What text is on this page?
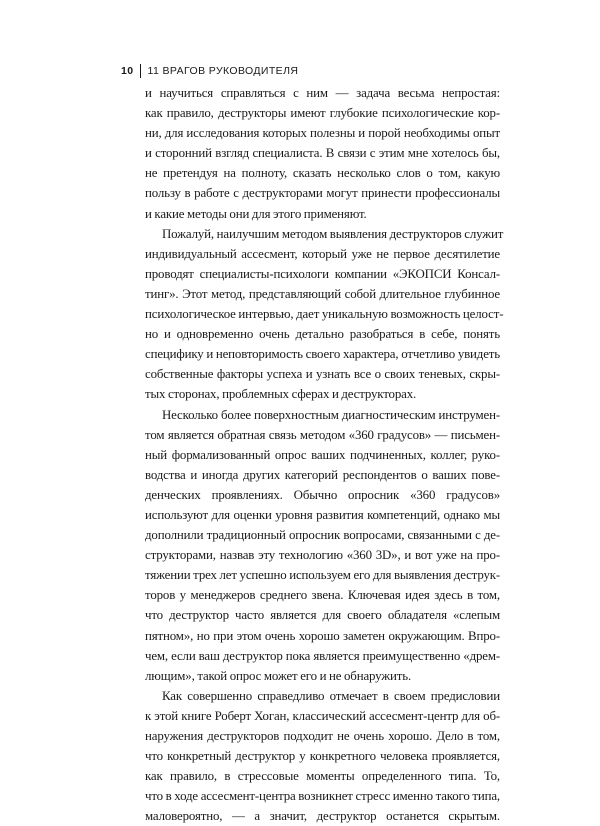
10 11 ВРАГОВ РУКОВОДИТЕЛЯ
и научиться справляться с ним — задача весьма непростая:
как правило, деструкторы имеют глубокие психологические кор-
ни, для исследования которых полезны и порой необходимы опыт
и сторонний взгляд специалиста. В связи с этим мне хотелось бы,
не претендуя на полноту, сказать несколько слов о том, какую
пользу в работе с деструкторами могут принести профессионалы
и какие методы они для этого применяют.
Пожалуй, наилучшим методом выявления деструкторов служит
индивидуальный ассесмент, который уже не первое десятилетие
проводят специалисты-психологи компании «ЭКОПСИ Консал-
тинг». Этот метод, представляющий собой длительное глубинное
психологическое интервью, дает уникальную возможность целост-
но и одновременно очень детально разобраться в себе, понять
специфику и неповторимость своего характера, отчетливо увидеть
собственные факторы успеха и узнать все о своих теневых, скры-
тых сторонах, проблемных сферах и деструкторах.
Несколько более поверхностным диагностическим инструмен-
том является обратная связь методом «360 градусов» — письмен-
ный формализованный опрос ваших подчиненных, коллег, руко-
водства и иногда других категорий респондентов о ваших пове-
денческих проявлениях. Обычно опросник «360 градусов»
используют для оценки уровня развития компетенций, однако мы
дополнили традиционный опросник вопросами, связанными с де-
структорами, назвав эту технологию «360 3D», и вот уже на про-
тяжении трех лет успешно используем его для выявления деструк-
торов у менеджеров среднего звена. Ключевая идея здесь в том,
что деструктор часто является для своего обладателя «слепым
пятном», но при этом очень хорошо заметен окружающим. Впро-
чем, если ваш деструктор пока является преимущественно «дрем-
лющим», такой опрос может его и не обнаружить.
Как совершенно справедливо отмечает в своем предисловии
к этой книге Роберт Хоган, классический ассесмент-центр для об-
наружения деструкторов подходит не очень хорошо. Дело в том,
что конкретный деструктор у конкретного человека проявляется,
как правило, в стрессовые моменты определенного типа. То,
что в ходе ассесмент-центра возникнет стресс именно такого типа,
маловероятно, — а значит, деструктор останется скрытым.
